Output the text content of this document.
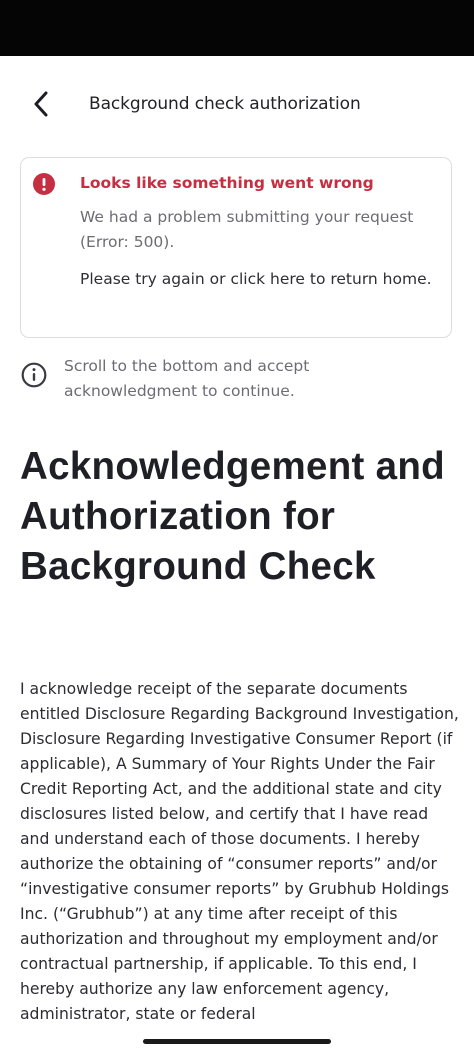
Background check authorization
Looks like something went wrong
We had a problem submitting your request (Error: 500).
Please try again or click here to return home.
Scroll to the bottom and accept acknowledgment to continue.
Acknowledgement and Authorization for Background Check

I acknowledge receipt of the separate documents entitled Disclosure Regarding Background Investigation, Disclosure Regarding Investigative Consumer Report (if applicable), A Summary of Your Rights Under the Fair Credit Reporting Act, and the additional state and city disclosures listed below, and certify that I have read and understand each of those documents. I hereby authorize the obtaining of “consumer reports” and/or “investigative consumer reports” by Grubhub Holdings Inc. (“Grubhub”) at any time after receipt of this authorization and throughout my employment and/or contractual partnership, if applicable. To this end, I hereby authorize any law enforcement agency, administrator, state or federal
